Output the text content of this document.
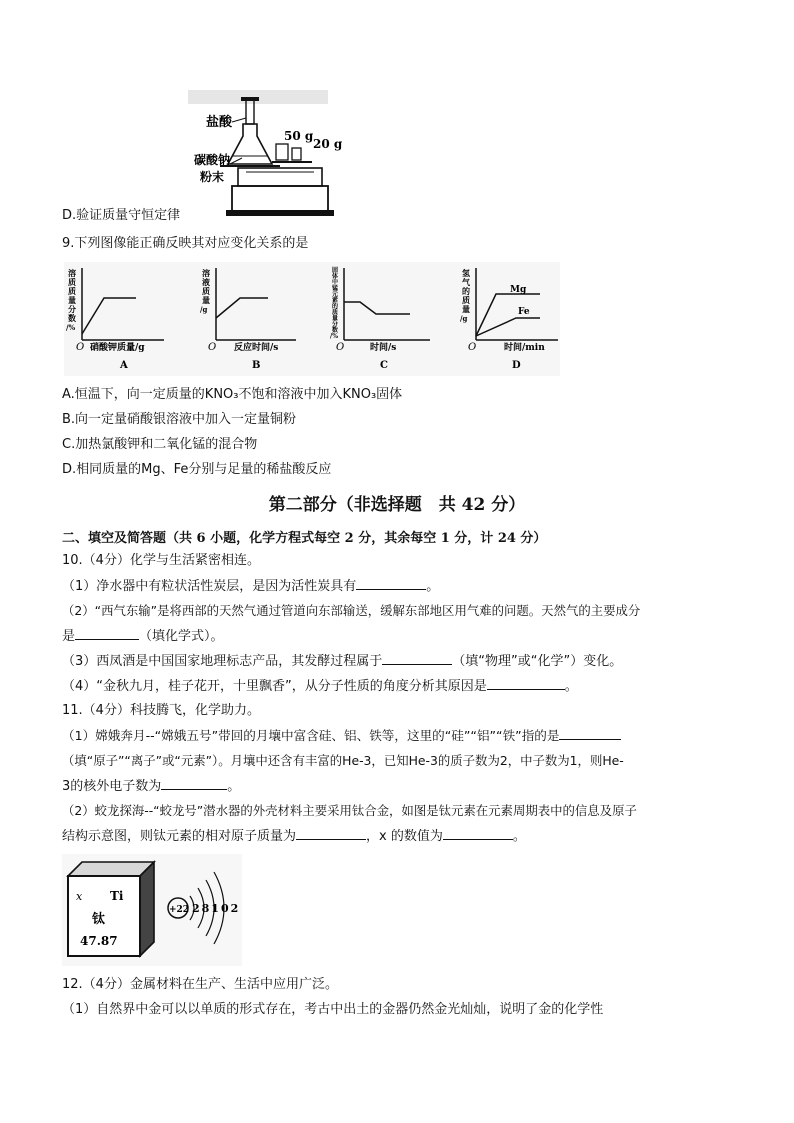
盐酸
碳酸钠
粉末
50 g
20 g
D.验证质量守恒定律
9.下列图像能正确反映其对应变化关系的是
O 硝酸钾质量/g
A
溶
质
质
量
分
数
/%
O 反应时间/s
B
溶
液
质
量
/g
O	时间/s
C
固
体
中
锰
元
素
的
质
量
分
数
/%
Mg
Fe
O	时间/min
D
氢
气
的
质
量
/g
A.恒温下，向一定质量的KNO₃不饱和溶液中加入KNO₃固体
B.向一定量硝酸银溶液中加入一定量铜粉
C.加热氯酸钾和二氧化锰的混合物
D.相同质量的Mg、Fe分别与足量的稀盐酸反应
第二部分（非选择题　共 42 分）
二、填空及简答题（共 6 小题，化学方程式每空 2 分，其余每空 1 分，计 24 分）
10.（4分）化学与生活紧密相连。
（1）净水器中有粒状活性炭层，是因为活性炭具有	。
（2）“西气东输”是将西部的天然气通过管道向东部输送，缓解东部地区用气难的问题。天然气的主要成分
是	（填化学式）。
（3）西凤酒是中国国家地理标志产品，其发酵过程属于	（填“物理”或“化学”）变化。
（4）“金秋九月，桂子花开，十里飘香”，从分子性质的角度分析其原因是	。
11.（4分）科技腾飞，化学助力。
（1）嫦娥奔月--“嫦娥五号”带回的月壤中富含硅、铝、铁等，这里的“硅”“铝”“铁”指的是
（填“原子”“离子”或“元素”）。月壤中还含有丰富的He-3，已知He-3的质子数为2，中子数为1，则He-
3的核外电子数为	。
（2）蛟龙探海--“蛟龙号”潜水器的外壳材料主要采用钛合金，如图是钛元素在元素周期表中的信息及原子
结构示意图，则钛元素的相对原子质量为	，x 的数值为	。
x Ti
钛
47.87
+22 28102
12.（4分）金属材料在生产、生活中应用广泛。
（1）自然界中金可以以单质的形式存在，考古中出土的金器仍然金光灿灿，说明了金的化学性
